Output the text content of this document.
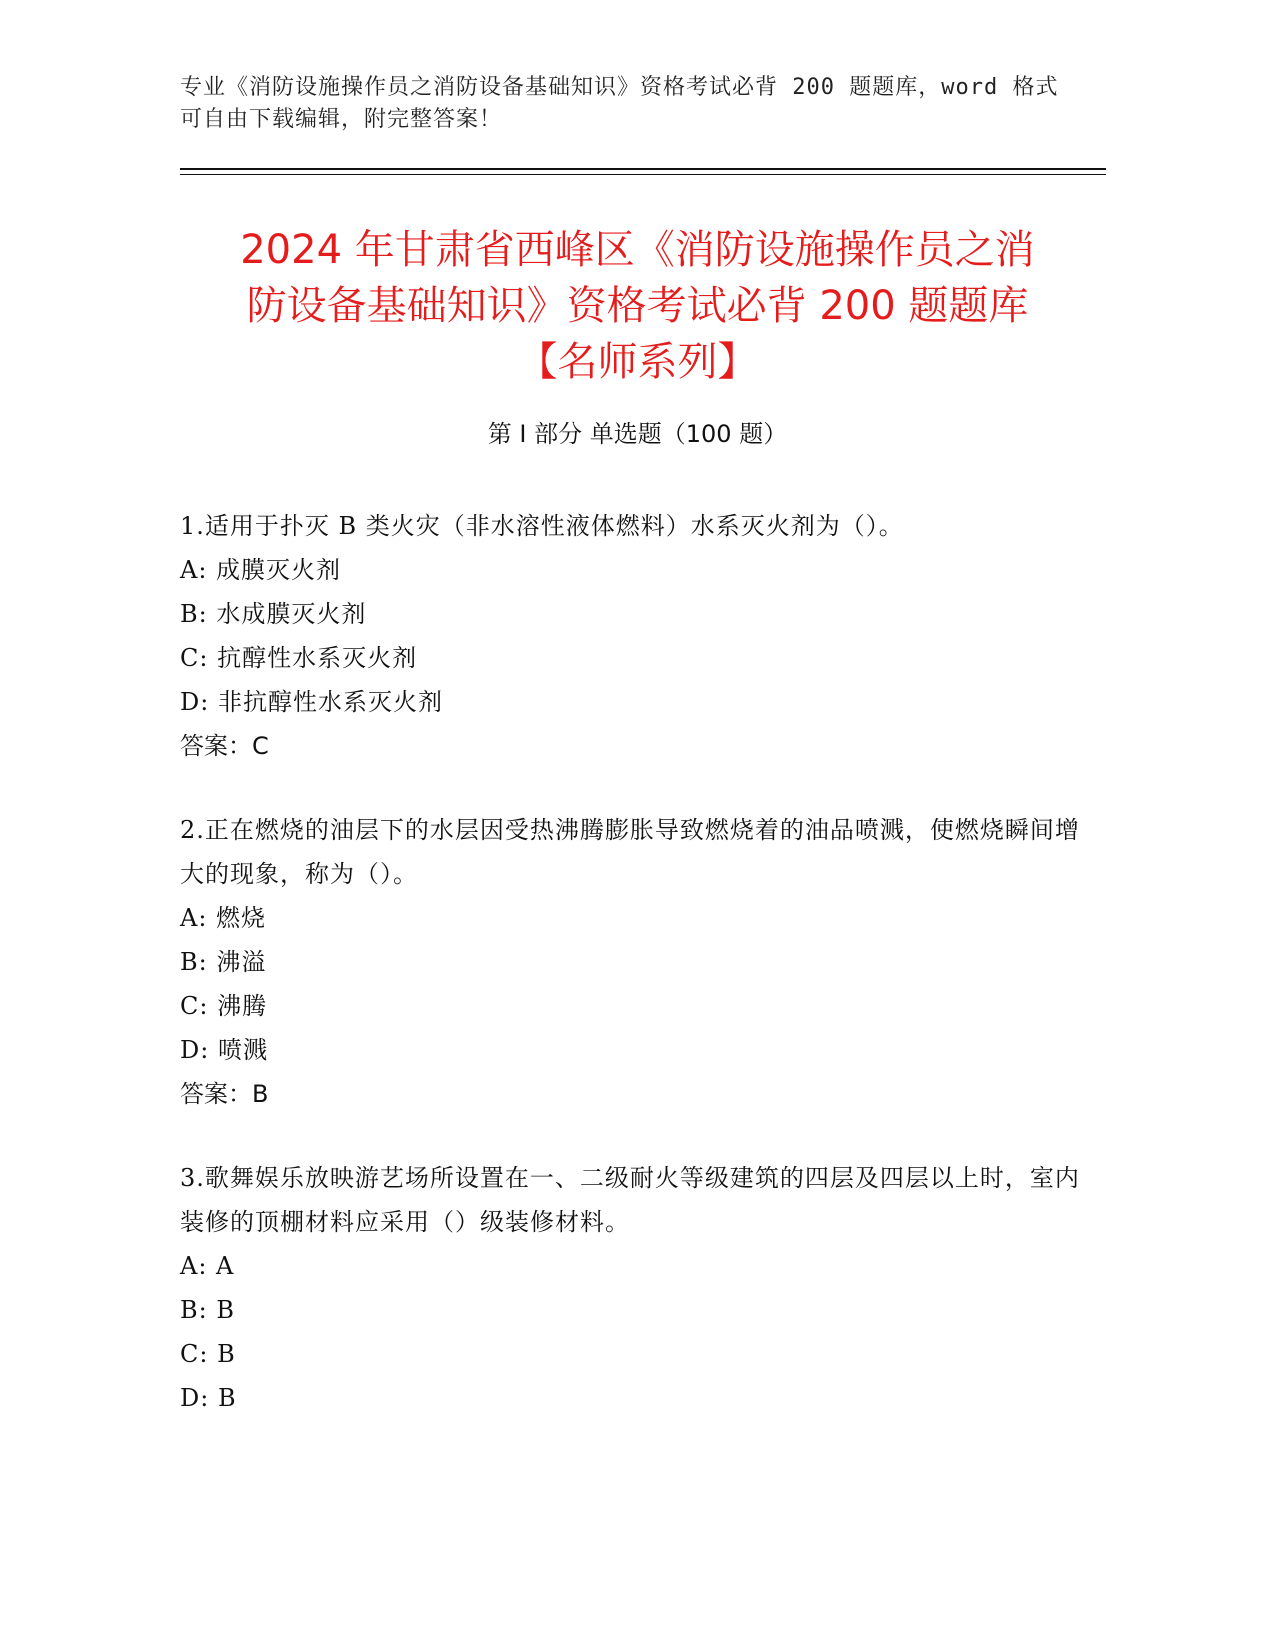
专业《消防设施操作员之消防设备基础知识》资格考试必背 200 题题库，word 格式可自由下载编辑，附完整答案！
2024 年甘肃省西峰区《消防设施操作员之消
防设备基础知识》资格考试必背 200 题题库
【名师系列】
第 I 部分 单选题（100 题）
1.适用于扑灭 B 类火灾（非水溶性液体燃料）水系灭火剂为（）。
A: 成膜灭火剂
B: 水成膜灭火剂
C: 抗醇性水系灭火剂
D: 非抗醇性水系灭火剂
答案：C
2.正在燃烧的油层下的水层因受热沸腾膨胀导致燃烧着的油品喷溅，使燃烧瞬间增大的现象，称为（）。
A: 燃烧
B: 沸溢
C: 沸腾
D: 喷溅
答案：B
3.歌舞娱乐放映游艺场所设置在一、二级耐火等级建筑的四层及四层以上时，室内装修的顶棚材料应采用（）级装修材料。
A: A
B: B
C: B
D: B
